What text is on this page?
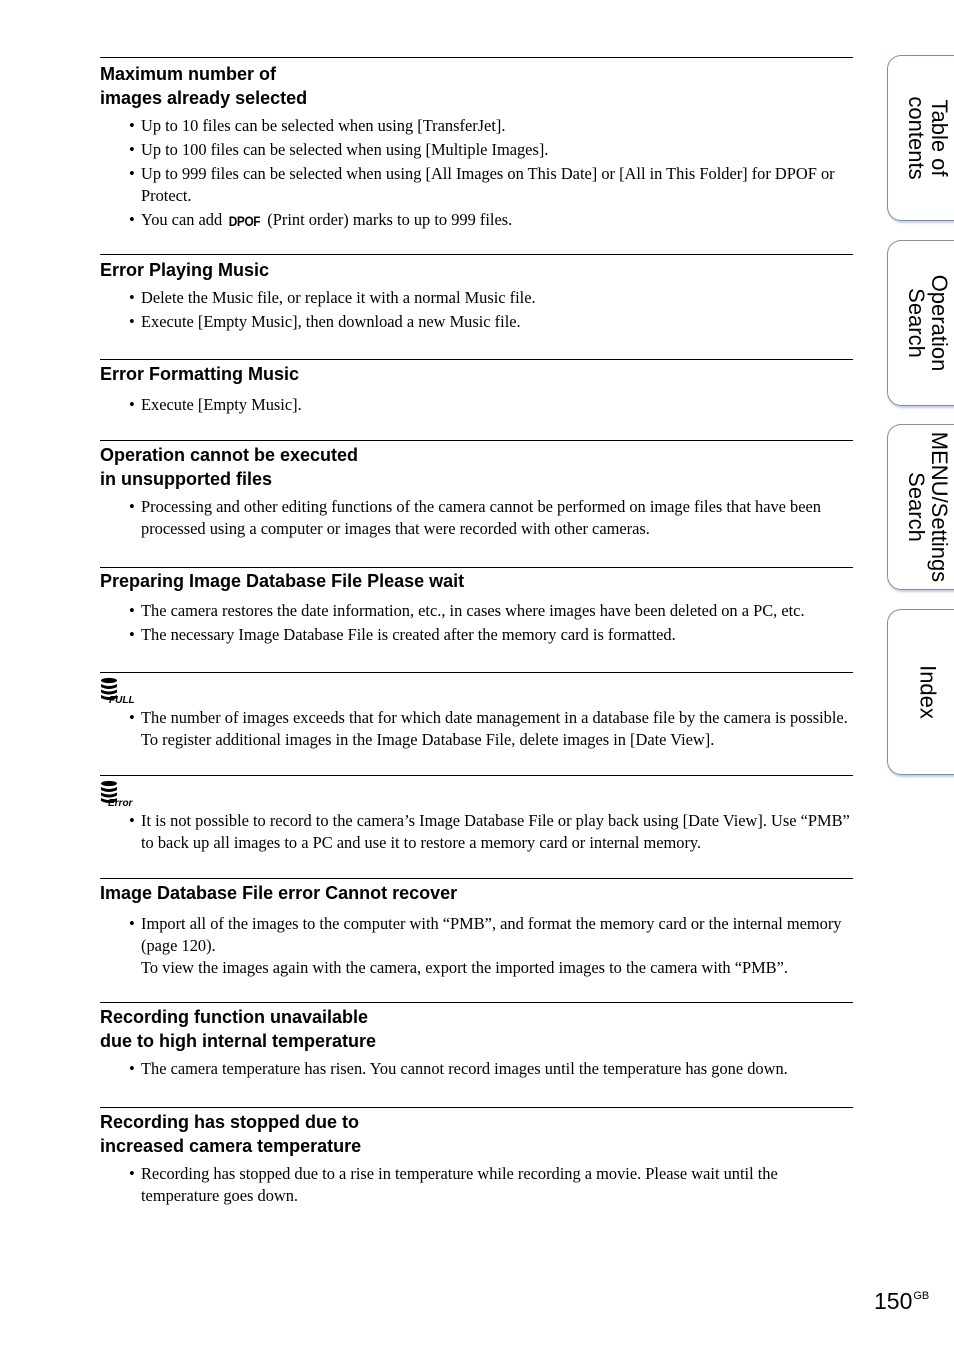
Maximum number of
images already selected
• Up to 10 files can be selected when using [TransferJet].
• Up to 100 files can be selected when using [Multiple Images].
• Up to 999 files can be selected when using [All Images on This Date] or [All in This Folder] for DPOF or Protect.
• You can add DPOF (Print order) marks to up to 999 files.
Error Playing Music
• Delete the Music file, or replace it with a normal Music file.
• Execute [Empty Music], then download a new Music file.
Error Formatting Music
• Execute [Empty Music].
Operation cannot be executed
in unsupported files
• Processing and other editing functions of the camera cannot be performed on image files that have been processed using a computer or images that were recorded with other cameras.
Preparing Image Database File Please wait
• The camera restores the date information, etc., in cases where images have been deleted on a PC, etc.
• The necessary Image Database File is created after the memory card is formatted.
FULL
• The number of images exceeds that for which date management in a database file by the camera is possible. To register additional images in the Image Database File, delete images in [Date View].
Error
• It is not possible to record to the camera’s Image Database File or play back using [Date View]. Use “PMB” to back up all images to a PC and use it to restore a memory card or internal memory.
Image Database File error Cannot recover
• Import all of the images to the computer with “PMB”, and format the memory card or the internal memory (page 120).
To view the images again with the camera, export the imported images to the camera with “PMB”.
Recording function unavailable
due to high internal temperature
• The camera temperature has risen. You cannot record images until the temperature has gone down.
Recording has stopped due to
increased camera temperature
• Recording has stopped due to a rise in temperature while recording a movie. Please wait until the temperature goes down.
Table of
contents
Operation
Search
MENU/Settings
Search
Index
$150^{GB}$
